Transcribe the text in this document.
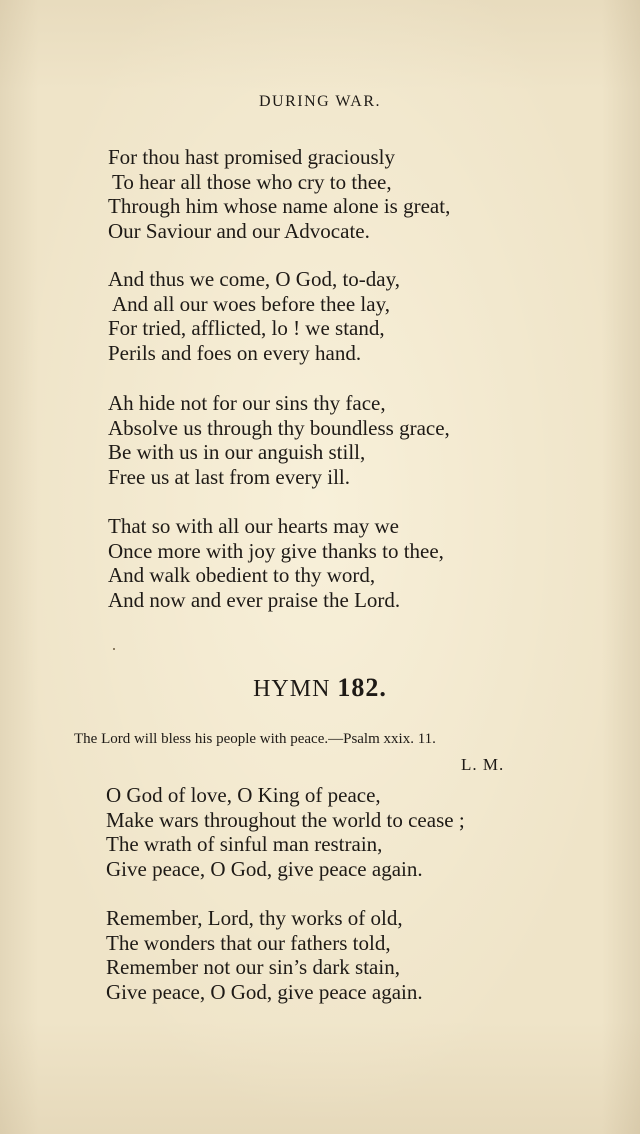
DURING WAR.
For thou hast promised graciously
To hear all those who cry to thee,
Through him whose name alone is great,
Our Saviour and our Advocate.
And thus we come, O God, to-day,
And all our woes before thee lay,
For tried, afflicted, lo ! we stand,
Perils and foes on every hand.
Ah hide not for our sins thy face,
Absolve us through thy boundless grace,
Be with us in our anguish still,
Free us at last from every ill.
That so with all our hearts may we
Once more with joy give thanks to thee,
And walk obedient to thy word,
And now and ever praise the Lord.
HYMN 182.
The Lord will bless his people with peace.—Psalm xxix. 11.
L. M.
O God of love, O King of peace,
Make wars throughout the world to cease ;
The wrath of sinful man restrain,
Give peace, O God, give peace again.
Remember, Lord, thy works of old,
The wonders that our fathers told,
Remember not our sin’s dark stain,
Give peace, O God, give peace again.
